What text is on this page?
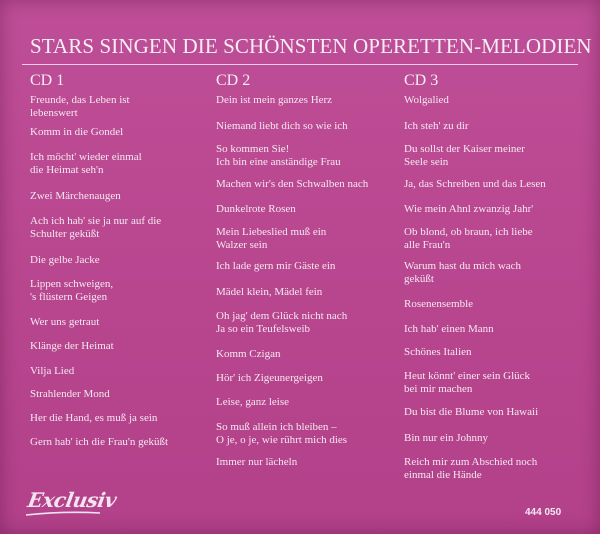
STARS SINGEN DIE SCHÖNSTEN OPERETTEN-MELODIEN
CD 1
Freunde, das Leben ist
lebenswert
Komm in die Gondel
Ich möcht' wieder einmal
die Heimat seh'n
Zwei Märchenaugen
Ach ich hab' sie ja nur auf die
Schulter geküßt
Die gelbe Jacke
Lippen schweigen,
's flüstern Geigen
Wer uns getraut
Klänge der Heimat
Vilja Lied
Strahlender Mond
Her die Hand, es muß ja sein
Gern hab' ich die Frau'n geküßt
CD 2
Dein ist mein ganzes Herz
Niemand liebt dich so wie ich
So kommen Sie!
Ich bin eine anständige Frau
Machen wir's den Schwalben nach
Dunkelrote Rosen
Mein Liebeslied muß ein
Walzer sein
Ich lade gern mir Gäste ein
Mädel klein, Mädel fein
Oh jag' dem Glück nicht nach
Ja so ein Teufelsweib
Komm Czigan
Hör' ich Zigeunergeigen
Leise, ganz leise
So muß allein ich bleiben –
O je, o je, wie rührt mich dies
Immer nur lächeln
CD 3
Wolgalied
Ich steh' zu dir
Du sollst der Kaiser meiner
Seele sein
Ja, das Schreiben und das Lesen
Wie mein Ahnl zwanzig Jahr'
Ob blond, ob braun, ich liebe
alle Frau'n
Warum hast du mich wach
geküßt
Rosenensemble
Ich hab' einen Mann
Schönes Italien
Heut könnt' einer sein Glück
bei mir machen
Du bist die Blume von Hawaii
Bin nur ein Johnny
Reich mir zum Abschied noch
einmal die Hände
Exclusiv
444 050
